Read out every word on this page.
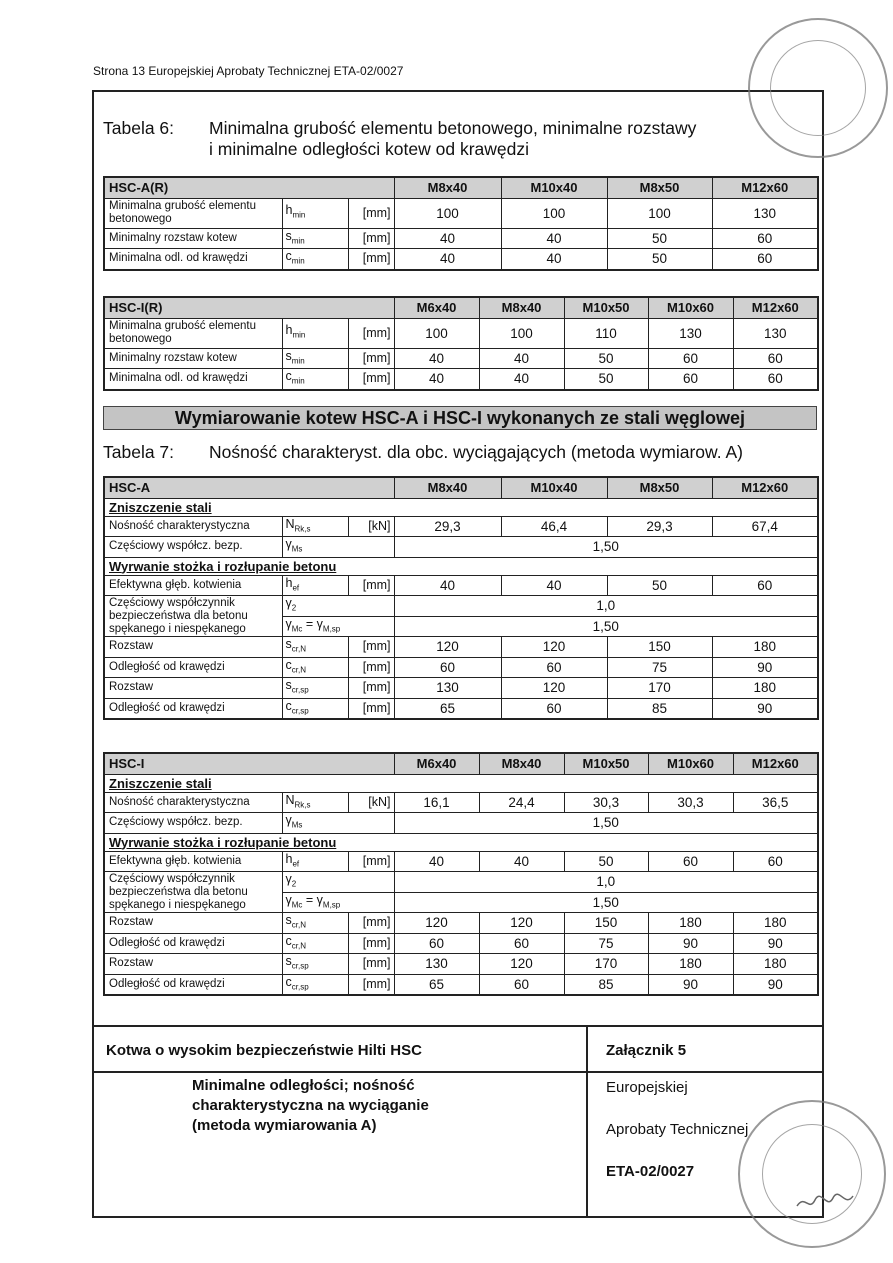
Strona 13 Europejskiej Aprobaty Technicznej ETA-02/0027
Tabela 6: Minimalna grubość elementu betonowego, minimalne rozstawy
i minimalne odległości kotew od krawędzi
HSC-A(R)			M8x40	M10x40	M8x50	M12x60
Minimalna grubość elementu betonowego	$h_{min}$	[mm]	100	100	100	130
Minimalny rozstaw kotew	$s_{min}$	[mm]	40	40	50	60
Minimalna odl. od krawędzi	$c_{min}$	[mm]	40	40	50	60
HSC-I(R)			M6x40	M8x40	M10x50	M10x60	M12x60
Minimalna grubość elementu betonowego	$h_{min}$	[mm]	100	100	110	130	130
Minimalny rozstaw kotew	$s_{min}$	[mm]	40	40	50	60	60
Minimalna odl. od krawędzi	$c_{min}$	[mm]	40	40	50	60	60
Wymiarowanie kotew HSC-A i HSC-I wykonanych ze stali węglowej
Tabela 7: Nośność charakteryst. dla obc. wyciągających (metoda wymiarow. A)
HSC-A			M8x40	M10x40	M8x50	M12x60
Zniszczenie stali						
Nośność charakterystyczna	$N_{Rk,s}$	[kN]	29,3	46,4	29,3	67,4
Częściowy współcz. bezp.	$\gamma_{Ms}$		1,50			
Wyrwanie stożka i rozłupanie betonu						
Efektywna głęb. kotwienia	$h_{ef}$	[mm]	40	40	50	60
Częściowy współczynnik
bezpieczeństwa dla betonu
spękanego i niespękanego	$\gamma_2$		1,0			
	$\gamma_{Mc} = \gamma_{M,sp}$		1,50			
Rozstaw	$s_{cr,N}$	[mm]	120	120	150	180
Odległość od krawędzi	$c_{cr,N}$	[mm]	60	60	75	90
Rozstaw	$s_{cr,sp}$	[mm]	130	120	170	180
Odległość od krawędzi	$c_{cr,sp}$	[mm]	65	60	85	90
HSC-I			M6x40	M8x40	M10x50	M10x60	M12x60
Zniszczenie stali							
Nośność charakterystyczna	$N_{Rk,s}$	[kN]	16,1	24,4	30,3	30,3	36,5
Częściowy współcz. bezp.	$\gamma_{Ms}$		1,50				
Wyrwanie stożka i rozłupanie betonu							
Efektywna głęb. kotwienia	$h_{ef}$	[mm]	40	40	50	60	60
Częściowy współczynnik
bezpieczeństwa dla betonu
spękanego i niespękanego	$\gamma_2$		1,0				
	$\gamma_{Mc} = \gamma_{M,sp}$		1,50				
Rozstaw	$s_{cr,N}$	[mm]	120	120	150	180	180
Odległość od krawędzi	$c_{cr,N}$	[mm]	60	60	75	90	90
Rozstaw	$s_{cr,sp}$	[mm]	130	120	170	180	180
Odległość od krawędzi	$c_{cr,sp}$	[mm]	65	60	85	90	90
Kotwa o wysokim bezpieczeństwie Hilti HSC	Załącznik 5
Minimalne odległości; nośność
charakterystyczna na wyciąganie
(metoda wymiarowania A)
Europejskiej
Aprobaty Technicznej
ETA-02/0027
